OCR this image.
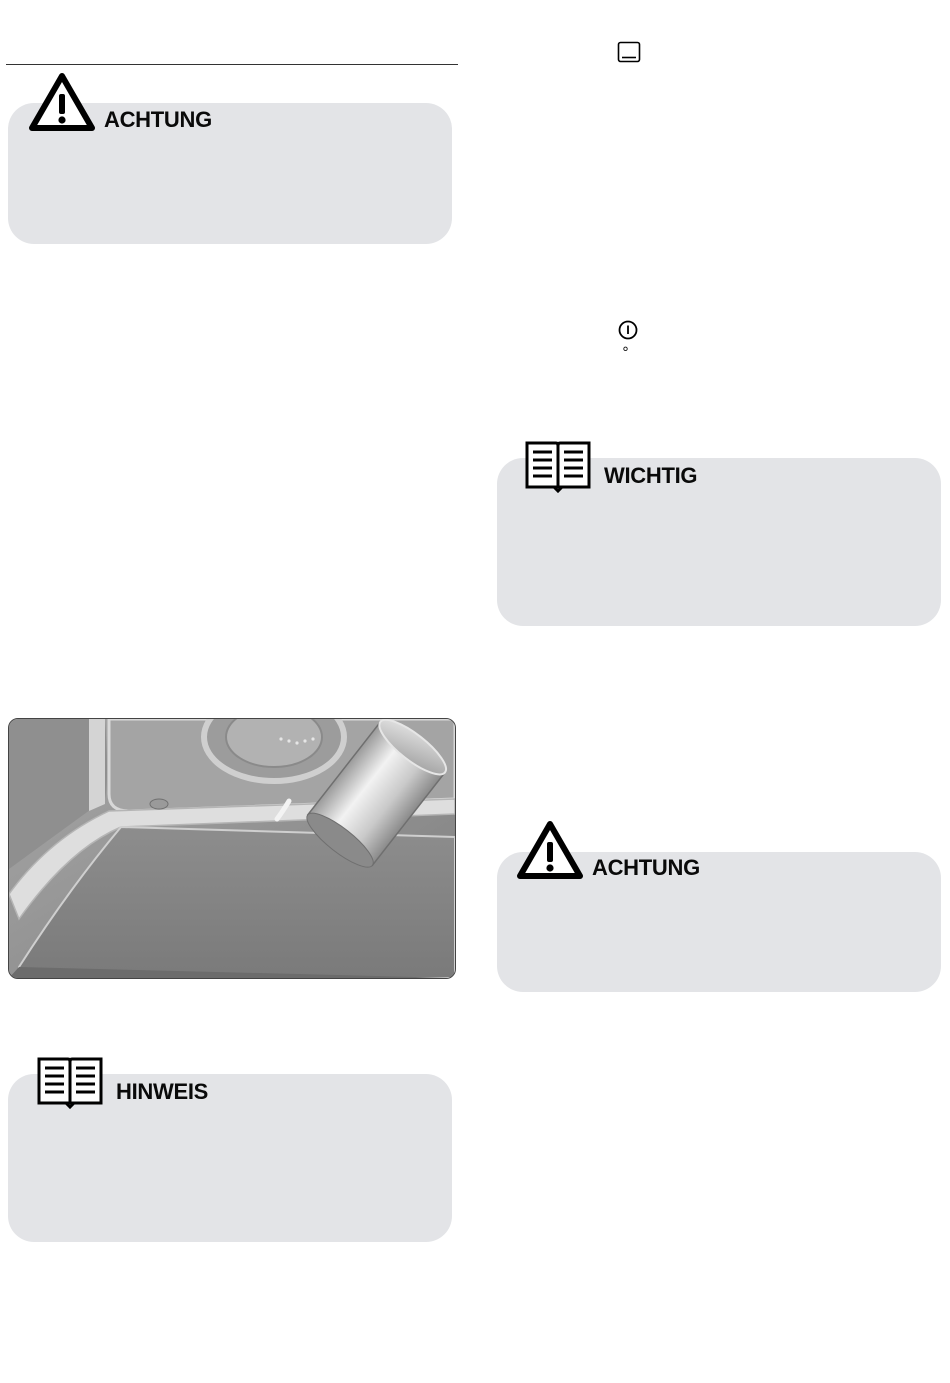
ACHTUNG
HINWEIS
°
WICHTIG
ACHTUNG
